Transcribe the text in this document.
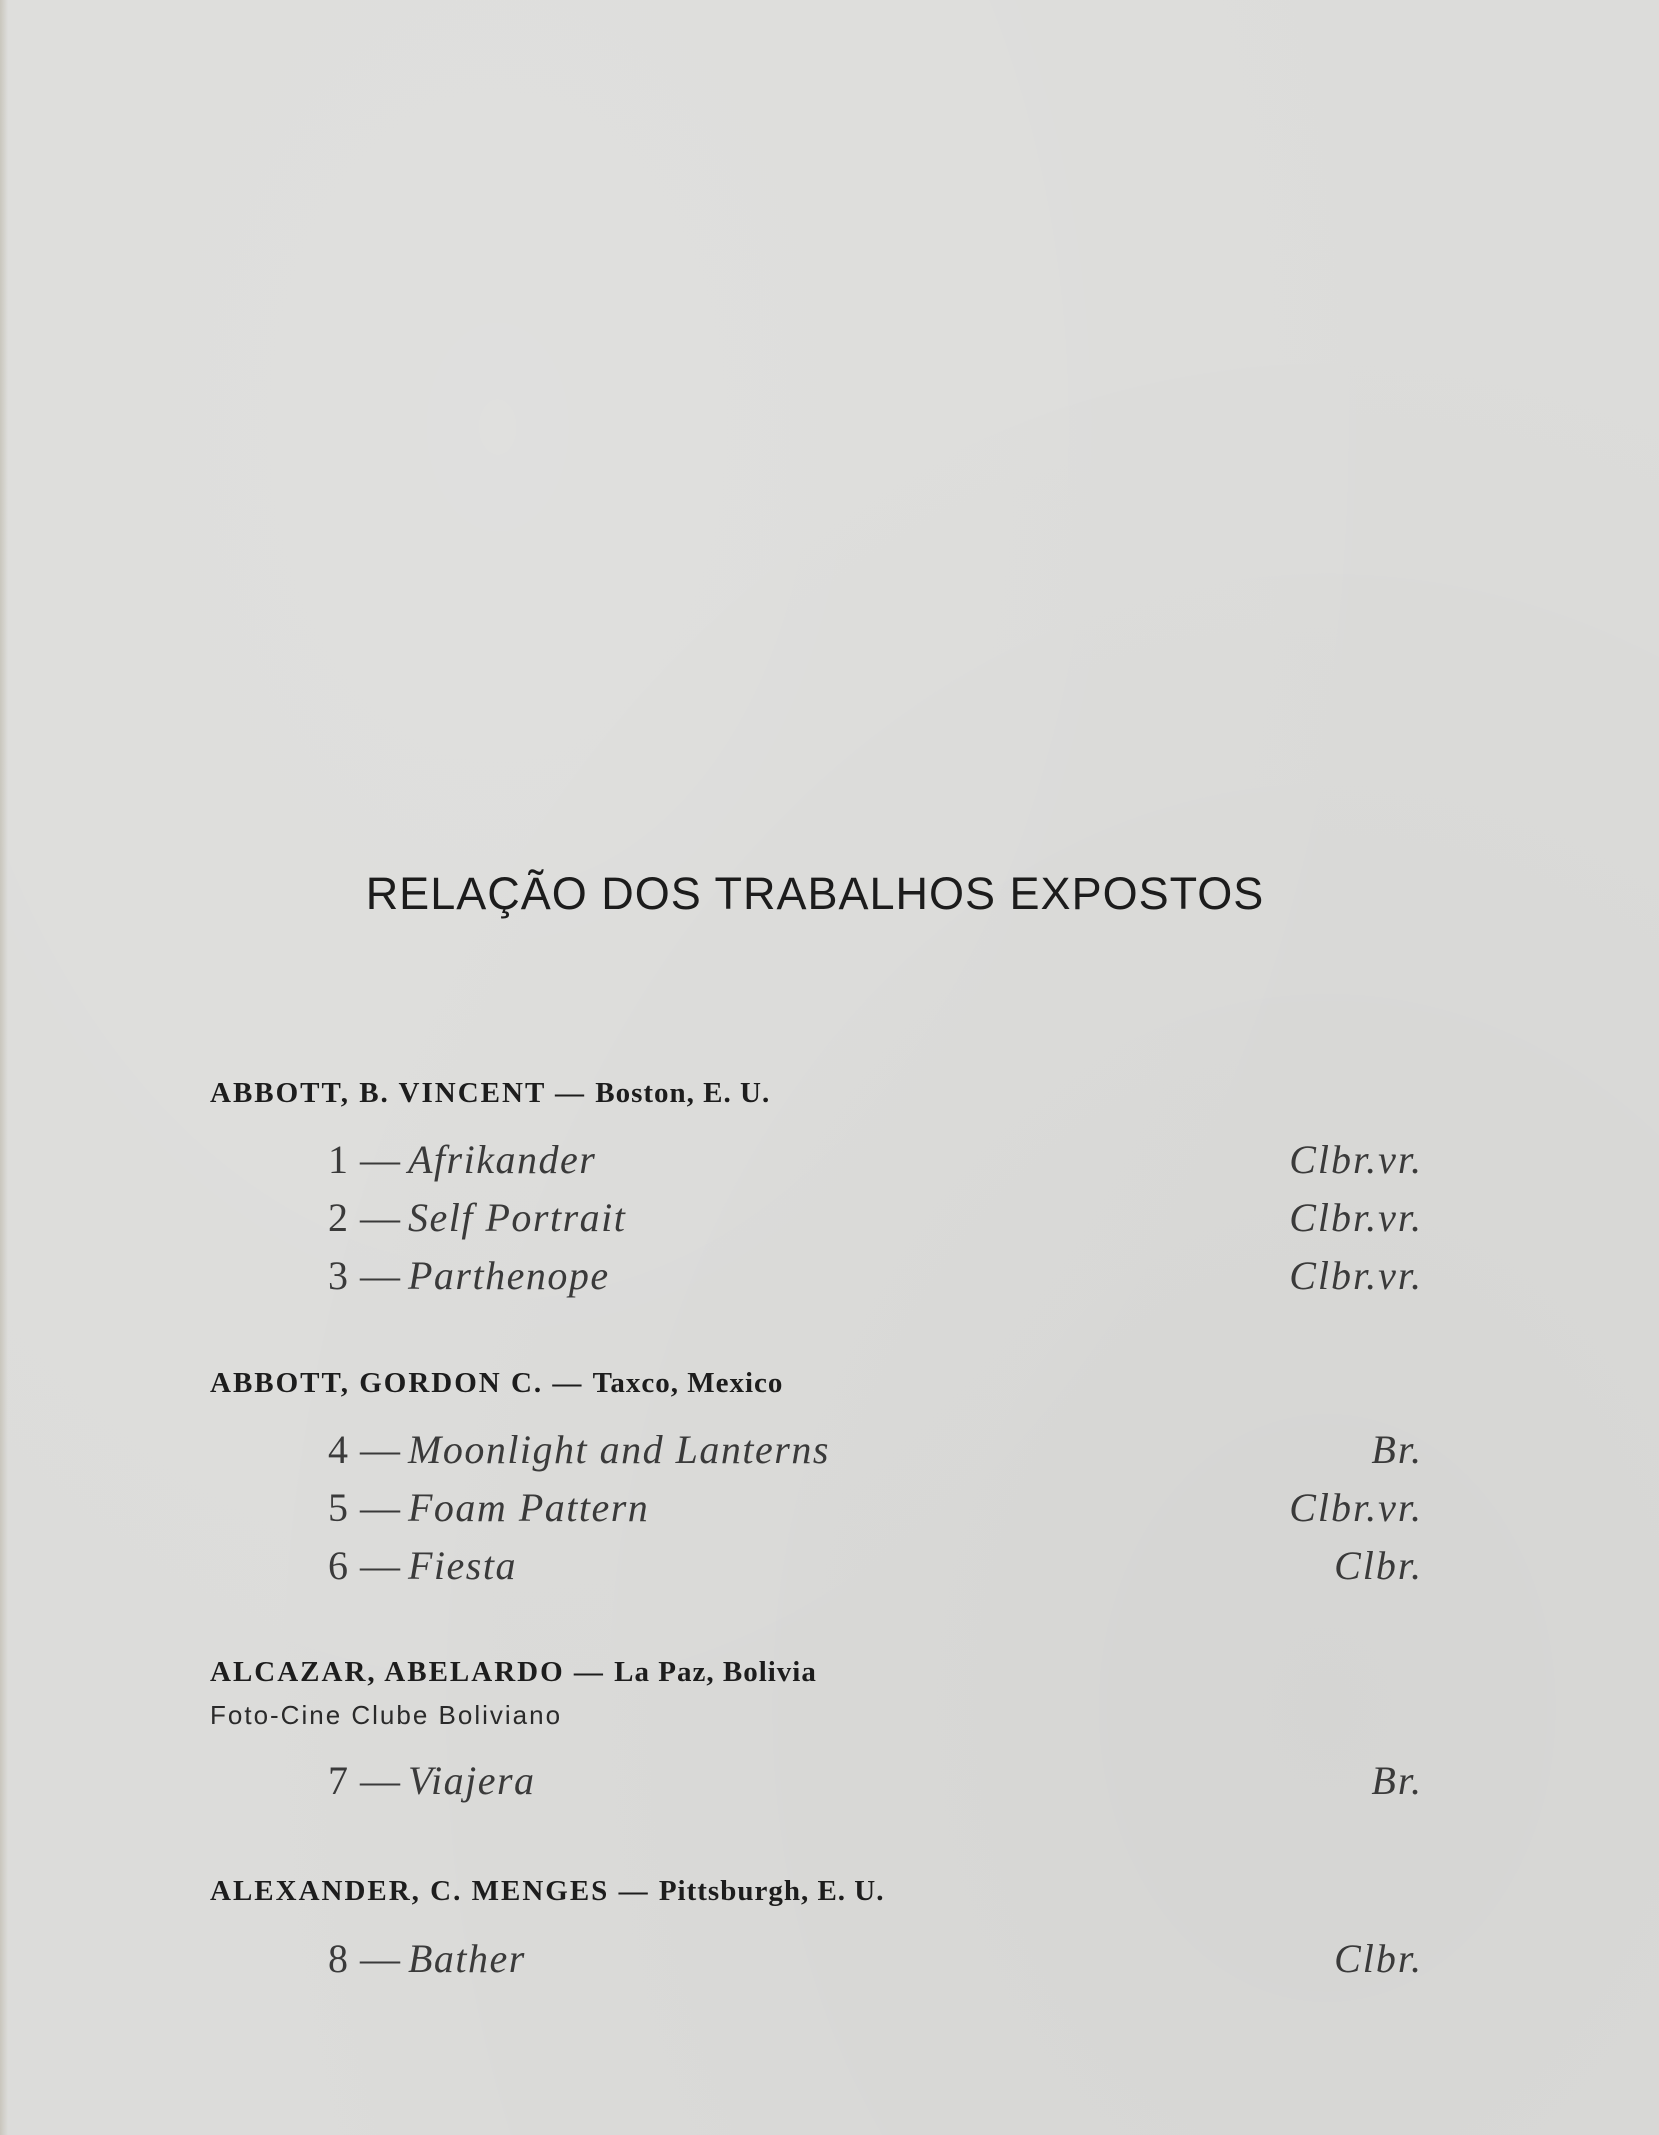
RELAÇÃO DOS TRABALHOS EXPOSTOS
ABBOTT, B. VINCENT — Boston, E. U.
1 — Afrikander	Clbr.vr.
2 — Self Portrait	Clbr.vr.
3 — Parthenope	Clbr.vr.
ABBOTT, GORDON C. — Taxco, Mexico
4 — Moonlight and Lanterns	Br.
5 — Foam Pattern	Clbr.vr.
6 — Fiesta	Clbr.
ALCAZAR, ABELARDO — La Paz, Bolivia
Foto-Cine Clube Boliviano
7 — Viajera	Br.
ALEXANDER, C. MENGES — Pittsburgh, E. U.
8 — Bather	Clbr.
